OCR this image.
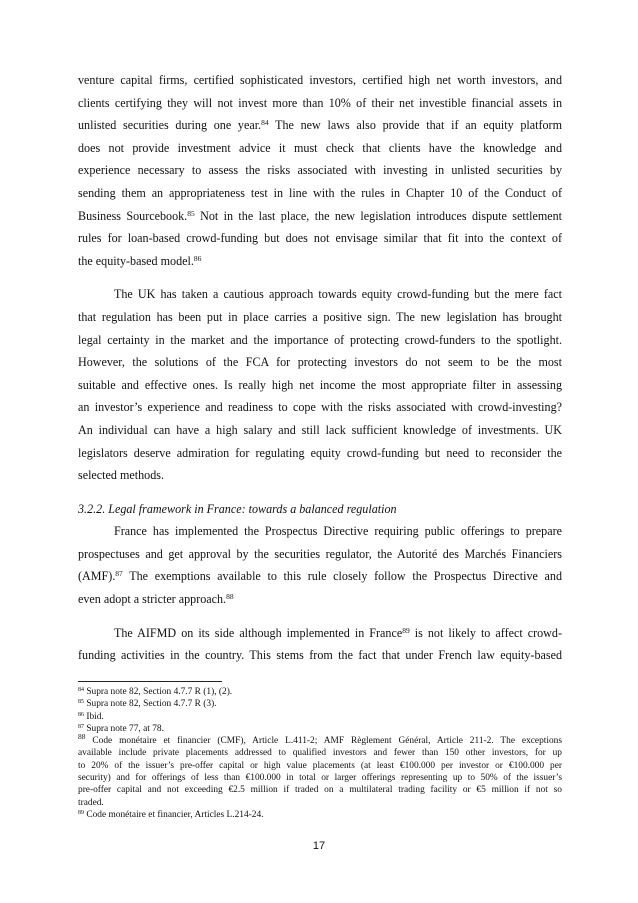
venture capital firms, certified sophisticated investors, certified high net worth investors, and
clients certifying they will not invest more than 10% of their net investible financial assets in
unlisted securities during one year.$^{84}$ The new laws also provide that if an equity platform
does not provide investment advice it must check that clients have the knowledge and
experience necessary to assess the risks associated with investing in unlisted securities by
sending them an appropriateness test in line with the rules in Chapter 10 of the Conduct of
Business Sourcebook.$^{85}$ Not in the last place, the new legislation introduces dispute settlement
rules for loan-based crowd-funding but does not envisage similar that fit into the context of
the equity-based model.$^{86}$
The UK has taken a cautious approach towards equity crowd-funding but the mere fact
that regulation has been put in place carries a positive sign. The new legislation has brought
legal certainty in the market and the importance of protecting crowd-funders to the spotlight.
However, the solutions of the FCA for protecting investors do not seem to be the most
suitable and effective ones. Is really high net income the most appropriate filter in assessing
an investor’s experience and readiness to cope with the risks associated with crowd-investing?
An individual can have a high salary and still lack sufficient knowledge of investments. UK
legislators deserve admiration for regulating equity crowd-funding but need to reconsider the
selected methods.
3.2.2. Legal framework in France: towards a balanced regulation
France has implemented the Prospectus Directive requiring public offerings to prepare
prospectuses and get approval by the securities regulator, the Autorité des Marchés Financiers
(AMF).$^{87}$ The exemptions available to this rule closely follow the Prospectus Directive and
even adopt a stricter approach.$^{88}$
The AIFMD on its side although implemented in France$^{89}$ is not likely to affect crowd-
funding activities in the country. This stems from the fact that under French law equity-based
$^{84}$ Supra note 82, Section 4.7.7 R (1), (2).
$^{85}$ Supra note 82, Section 4.7.7 R (3).
$^{86}$ Ibid.
$^{87}$ Supra note 77, at 78.
$^{88}$ Code monétaire et financier (CMF), Article L.411-2; AMF Règlement Général, Article 211-2. The exceptions
available include private placements addressed to qualified investors and fewer than 150 other investors, for up
to 20% of the issuer’s pre-offer capital or high value placements (at least €100.000 per investor or €100.000 per
security) and for offerings of less than €100.000 in total or larger offerings representing up to 50% of the issuer’s
pre-offer capital and not exceeding €2.5 million if traded on a multilateral trading facility or €5 million if not so
traded.
$^{89}$ Code monétaire et financier, Articles L.214-24.
17
